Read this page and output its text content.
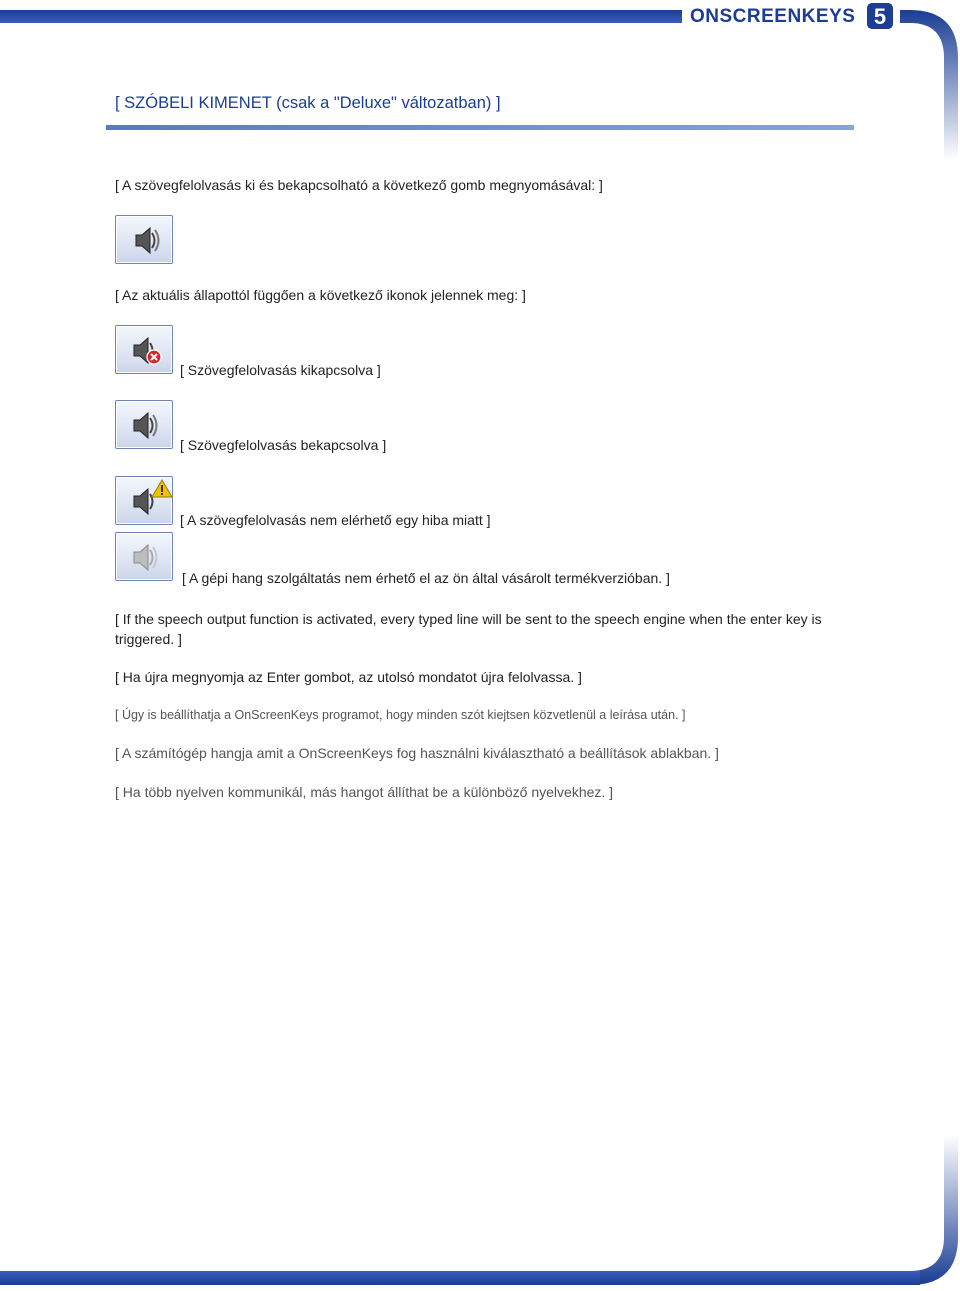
ONSCREENKEYS 5
[ SZÓBELI KIMENET (csak a "Deluxe" változatban) ]
[ A szövegfelolvasás ki és bekapcsolható a következő gomb megnyomásával: ]
[ Az aktuális állapottól függően a következő ikonok jelennek meg: ]
[ Szövegfelolvasás kikapcsolva ]
[ Szövegfelolvasás bekapcsolva ]
[ A szövegfelolvasás nem elérhető egy hiba miatt ]
[ A gépi hang szolgáltatás nem érhető el az ön által vásárolt termékverzióban. ]
[ If the speech output function is activated, every typed line will be sent to the speech engine when the enter key is triggered. ]
[ Ha újra megnyomja az Enter gombot, az utolsó mondatot újra felolvassa. ]
[ Úgy is beállíthatja a OnScreenKeys programot, hogy minden szót kiejtsen közvetlenül a leírása után. ]
[ A számítógép hangja amit a OnScreenKeys fog használni kiválasztható a beállítások ablakban. ]
[ Ha több nyelven kommunikál, más hangot állíthat be a különböző nyelvekhez. ]
